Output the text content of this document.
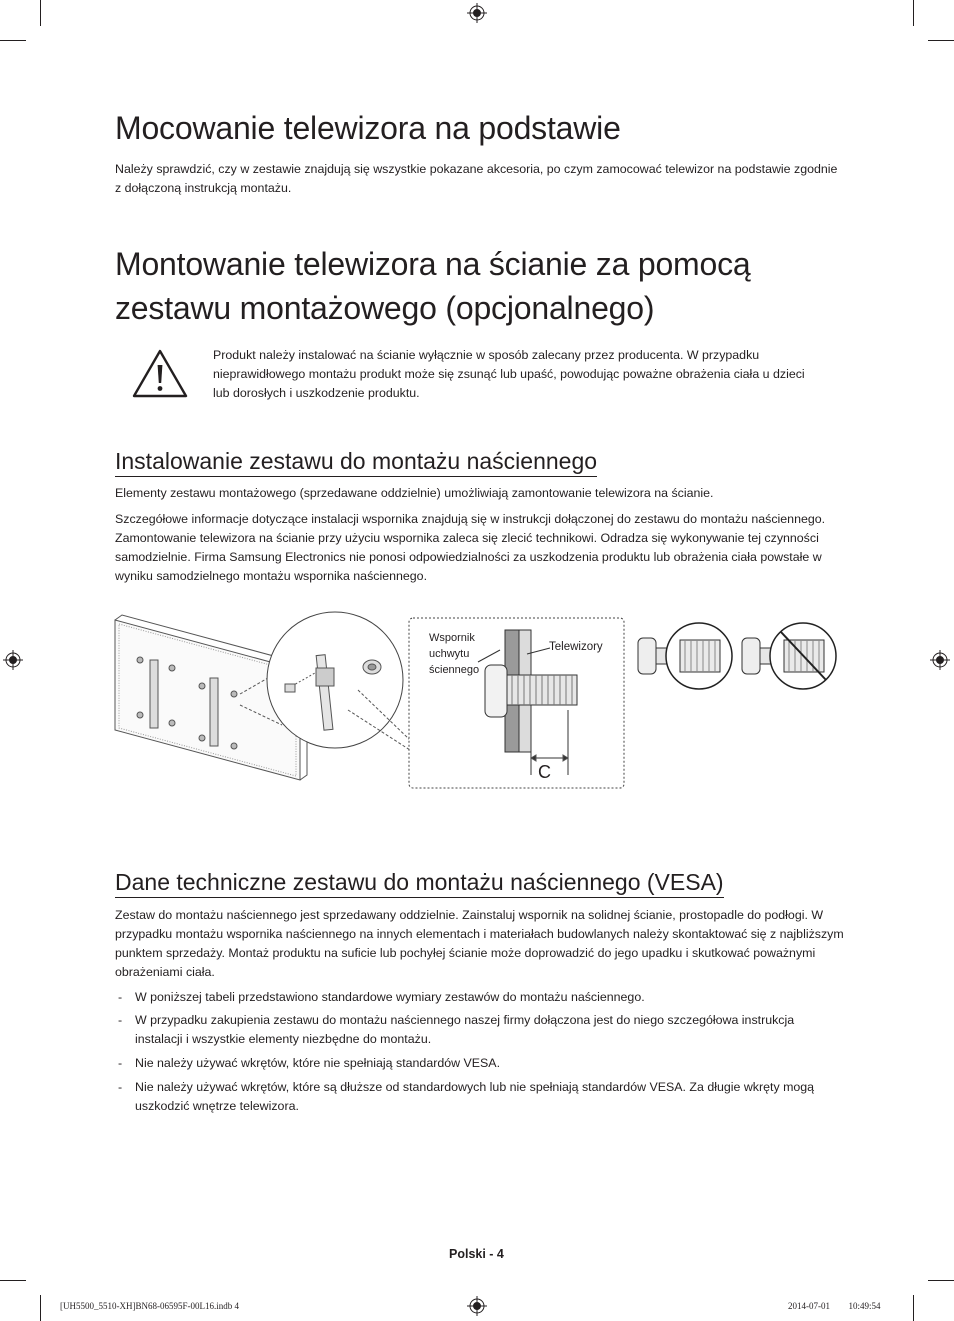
Mocowanie telewizora na podstawie

Należy sprawdzić, czy w zestawie znajdują się wszystkie pokazane akcesoria, po czym zamocować telewizor na podstawie zgodnie z dołączoną instrukcją montażu.

Montowanie telewizora na ścianie za pomocą
zestawu montażowego (opcjonalnego)

Produkt należy instalować na ścianie wyłącznie w sposób zalecany przez producenta. W przypadku nieprawidłowego montażu produkt może się zsunąć lub upaść, powodując poważne obrażenia ciała u dzieci lub dorosłych i uszkodzenie produktu.

Instalowanie zestawu do montażu naściennego

Elementy zestawu montażowego (sprzedawane oddzielnie) umożliwiają zamontowanie telewizora na ścianie.

Szczegółowe informacje dotyczące instalacji wspornika znajdują się w instrukcji dołączonej do zestawu do montażu naściennego. Zamontowanie telewizora na ścianie przy użyciu wspornika zaleca się zlecić technikowi. Odradza się wykonywanie tej czynności samodzielnie. Firma Samsung Electronics nie ponosi odpowiedzialności za uszkodzenia produktu lub obrażenia ciała powstałe w wyniku samodzielnego montażu wspornika naściennego.

Wspornik
uchwytu
ściennego
Telewizory
C
Dane techniczne zestawu do montażu naściennego (VESA)

Zestaw do montażu naściennego jest sprzedawany oddzielnie. Zainstaluj wspornik na solidnej ścianie, prostopadle do podłogi. W przypadku montażu wspornika naściennego na innych elementach i materiałach budowlanych należy skontaktować się z najbliższym punktem sprzedaży. Montaż produktu na suficie lub pochyłej ścianie może doprowadzić do jego upadku i skutkować poważnymi obrażeniami ciała.

- W poniższej tabeli przedstawiono standardowe wymiary zestawów do montażu naściennego.
- W przypadku zakupienia zestawu do montażu naściennego naszej firmy dołączona jest do niego szczegółowa instrukcja instalacji i wszystkie elementy niezbędne do montażu.
- Nie należy używać wkrętów, które nie spełniają standardów VESA.
- Nie należy używać wkrętów, które są dłuższe od standardowych lub nie spełniają standardów VESA. Za długie wkręty mogą uszkodzić wnętrze telewizora.
Polski - 4
[UH5500_5510-XH]BN68-06595F-00L16.indb 4	2014-07-01 ￿￿ 10:49:54
